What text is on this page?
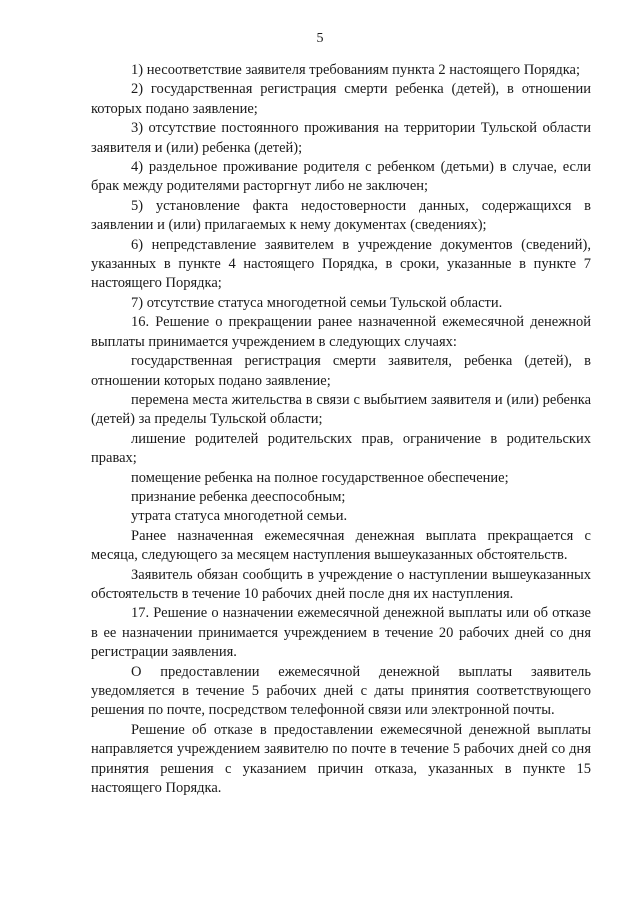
5

1) несоответствие заявителя требованиям пункта 2 настоящего Порядка;

2) государственная регистрация смерти ребенка (детей), в отношении которых подано заявление;

3) отсутствие постоянного проживания на территории Тульской области заявителя и (или) ребенка (детей);

4) раздельное проживание родителя с ребенком (детьми) в случае, если брак между родителями расторгнут либо не заключен;

5) установление факта недостоверности данных, содержащихся в заявлении и (или) прилагаемых к нему документах (сведениях);

6) непредставление заявителем в учреждение документов (сведений), указанных в пункте 4 настоящего Порядка, в сроки, указанные в пункте 7 настоящего Порядка;

7) отсутствие статуса многодетной семьи Тульской области.

16. Решение о прекращении ранее назначенной ежемесячной денежной выплаты принимается учреждением в следующих случаях:

государственная регистрация смерти заявителя, ребенка (детей), в отношении которых подано заявление;

перемена места жительства в связи с выбытием заявителя и (или) ребенка (детей) за пределы Тульской области;

лишение родителей родительских прав, ограничение в родительских правах;

помещение ребенка на полное государственное обеспечение;

признание ребенка дееспособным;

утрата статуса многодетной семьи.

Ранее назначенная ежемесячная денежная выплата прекращается с месяца, следующего за месяцем наступления вышеуказанных обстоятельств.

Заявитель обязан сообщить в учреждение о наступлении вышеуказанных обстоятельств в течение 10 рабочих дней после дня их наступления.

17. Решение о назначении ежемесячной денежной выплаты или об отказе в ее назначении принимается учреждением в течение 20 рабочих дней со дня регистрации заявления.

О предоставлении ежемесячной денежной выплаты заявитель уведомляется в течение 5 рабочих дней с даты принятия соответствующего решения по почте, посредством телефонной связи или электронной почты.

Решение об отказе в предоставлении ежемесячной денежной выплаты направляется учреждением заявителю по почте в течение 5 рабочих дней со дня принятия решения с указанием причин отказа, указанных в пункте 15 настоящего Порядка.
